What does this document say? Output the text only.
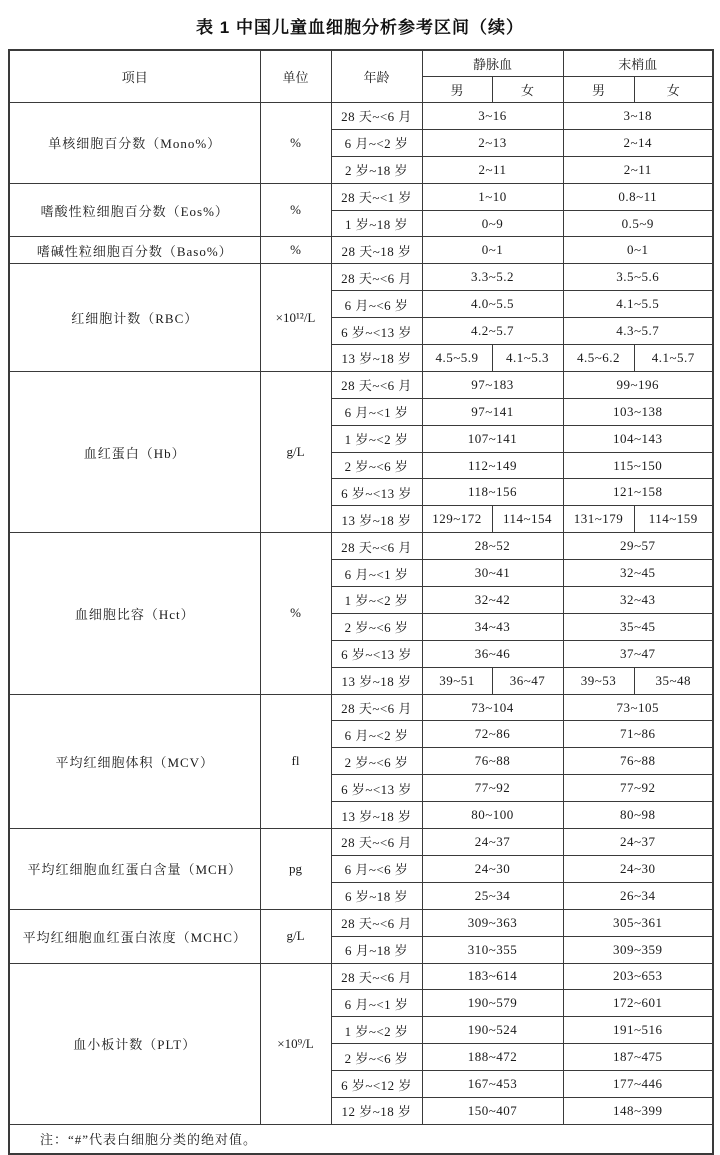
表 1 中国儿童血细胞分析参考区间（续）
项目	单位	年龄	静脉血		末梢血	
			男	女	男	女
单核细胞百分数（Mono%）	%	28 天~<6 月	3~16		3~18	
		6 月~<2 岁	2~13		2~14	
		2 岁~18 岁	2~11		2~11	
嗜酸性粒细胞百分数（Eos%）	%	28 天~<1 岁	1~10		0.8~11	
		1 岁~18 岁	0~9		0.5~9	
嗜碱性粒细胞百分数（Baso%）	%	28 天~18 岁	0~1		0~1	
红细胞计数（RBC）	×10¹²/L	28 天~<6 月	3.3~5.2		3.5~5.6	
		6 月~<6 岁	4.0~5.5		4.1~5.5	
		6 岁~<13 岁	4.2~5.7		4.3~5.7	
		13 岁~18 岁	4.5~5.9	4.1~5.3	4.5~6.2	4.1~5.7
血红蛋白（Hb）	g/L	28 天~<6 月	97~183		99~196	
		6 月~<1 岁	97~141		103~138	
		1 岁~<2 岁	107~141		104~143	
		2 岁~<6 岁	112~149		115~150	
		6 岁~<13 岁	118~156		121~158	
		13 岁~18 岁	129~172	114~154	131~179	114~159
血细胞比容（Hct）	%	28 天~<6 月	28~52		29~57	
		6 月~<1 岁	30~41		32~45	
		1 岁~<2 岁	32~42		32~43	
		2 岁~<6 岁	34~43		35~45	
		6 岁~<13 岁	36~46		37~47	
		13 岁~18 岁	39~51	36~47	39~53	35~48
平均红细胞体积（MCV）	fl	28 天~<6 月	73~104		73~105	
		6 月~<2 岁	72~86		71~86	
		2 岁~<6 岁	76~88		76~88	
		6 岁~<13 岁	77~92		77~92	
		13 岁~18 岁	80~100		80~98	
平均红细胞血红蛋白含量（MCH）	pg	28 天~<6 月	24~37		24~37	
		6 月~<6 岁	24~30		24~30	
		6 岁~18 岁	25~34		26~34	
平均红细胞血红蛋白浓度（MCHC）	g/L	28 天~<6 月	309~363		305~361	
		6 月~18 岁	310~355		309~359	
血小板计数（PLT）	×10⁹/L	28 天~<6 月	183~614		203~653	
		6 月~<1 岁	190~579		172~601	
		1 岁~<2 岁	190~524		191~516	
		2 岁~<6 岁	188~472		187~475	
		6 岁~<12 岁	167~453		177~446	
		12 岁~18 岁	150~407		148~399	
注：“#”代表白细胞分类的绝对值。						
